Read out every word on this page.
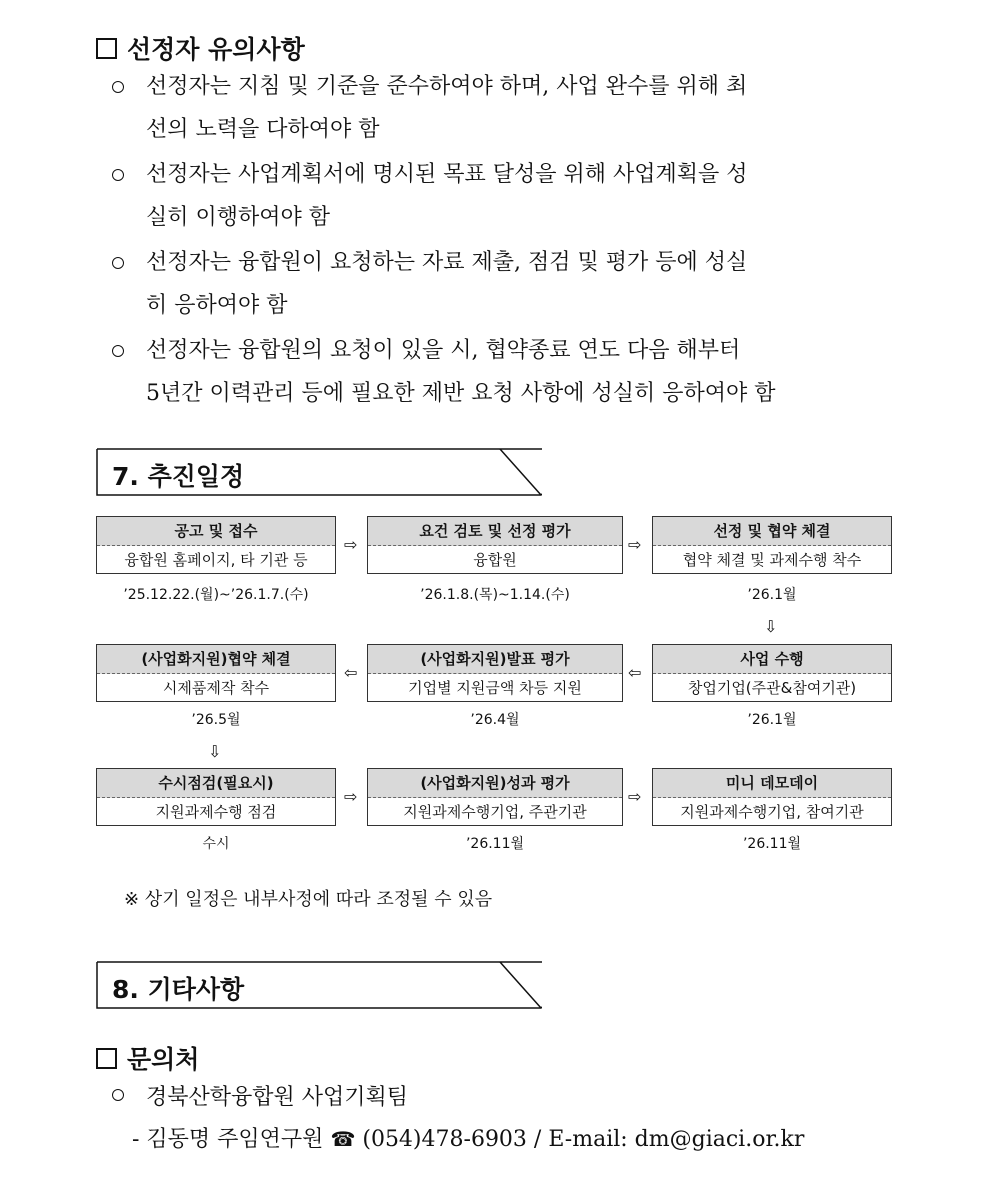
선정자 유의사항
선정자는 지침 및 기준을 준수하여야 하며, 사업 완수를 위해 최
선의 노력을 다하여야 함
선정자는 사업계획서에 명시된 목표 달성을 위해 사업계획을 성
실히 이행하여야 함
선정자는 융합원이 요청하는 자료 제출, 점검 및 평가 등에 성실
히 응하여야 함
선정자는 융합원의 요청이 있을 시, 협약종료 연도 다음 해부터
5년간 이력관리 등에 필요한 제반 요청 사항에 성실히 응하여야 함
7. 추진일정
공고 및 접수
융합원 홈페이지, 타 기관 등
⇨
요건 검토 및 선정 평가
융합원
⇨
선정 및 협약 체결
협약 체결 및 과제수행 착수
’25.12.22.(월)~’26.1.7.(수)	’26.1.8.(목)~1.14.(수)	’26.1월
⇩
(사업화지원)협약 체결
시제품제작 착수
⇦
(사업화지원)발표 평가
기업별 지원금액 차등 지원
⇦
사업 수행
창업기업(주관&참여기관)
’26.5월	’26.4월	’26.1월
⇩
수시점검(필요시)
지원과제수행 점검
⇨
(사업화지원)성과 평가
지원과제수행기업, 주관기관
⇨
미니 데모데이
지원과제수행기업, 참여기관
수시	’26.11월	’26.11월
※ 상기 일정은 내부사정에 따라 조정될 수 있음
8. 기타사항
문의처
경북산학융합원 사업기획팀
- 김동명 주임연구원 ☎ (054)478-6903 / E-mail: dm@giaci.or.kr
